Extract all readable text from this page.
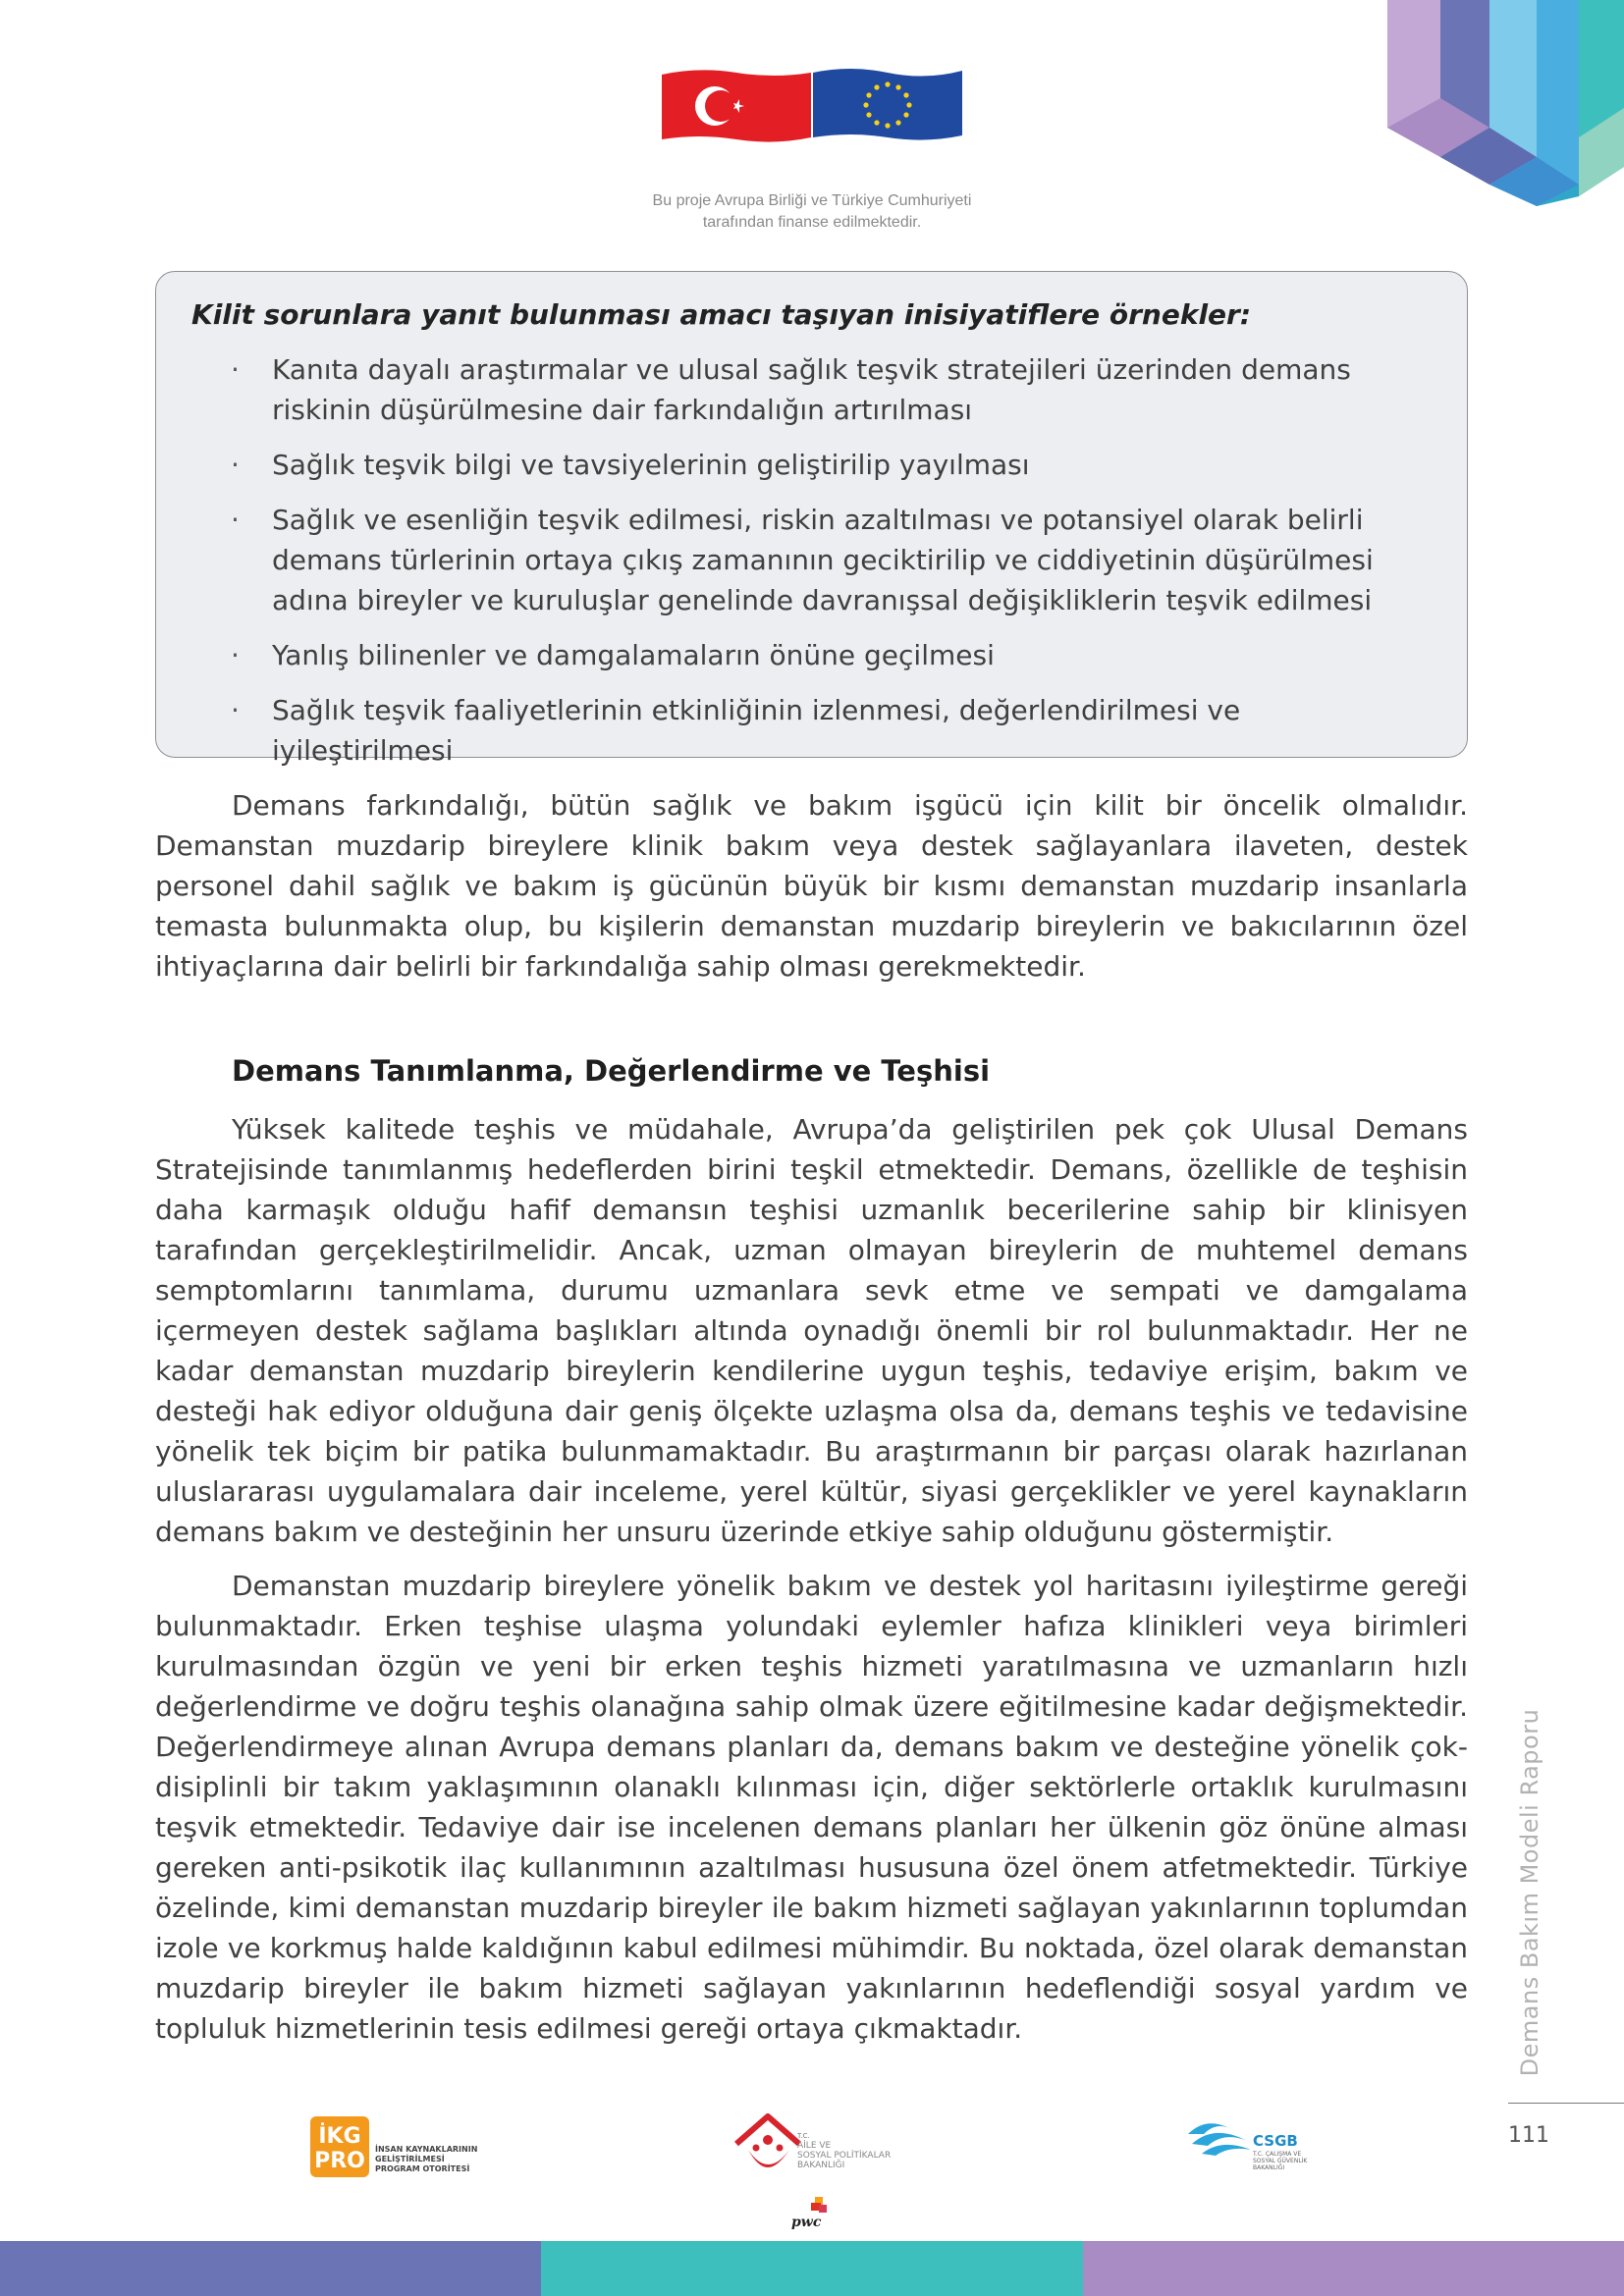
Bu proje Avrupa Birliği ve Türkiye Cumhuriyeti
tarafından finanse edilmektedir.
Kilit sorunlara yanıt bulunması amacı taşıyan inisiyatiflere örnekler:
· Kanıta dayalı araştırmalar ve ulusal sağlık teşvik stratejileri üzerinden demans riskinin düşürülmesine dair farkındalığın artırılması
· Sağlık teşvik bilgi ve tavsiyelerinin geliştirilip yayılması
· Sağlık ve esenliğin teşvik edilmesi, riskin azaltılması ve potansiyel olarak belirli demans türlerinin ortaya çıkış zamanının geciktirilip ve ciddiyetinin düşürülmesi adına bireyler ve kuruluşlar genelinde davranışsal değişikliklerin teşvik edilmesi
· Yanlış bilinenler ve damgalamaların önüne geçilmesi
· Sağlık teşvik faaliyetlerinin etkinliğinin izlenmesi, değerlendirilmesi ve iyileştirilmesi

Demans farkındalığı, bütün sağlık ve bakım işgücü için kilit bir öncelik olmalıdır. Demanstan muzdarip bireylere klinik bakım veya destek sağlayanlara ilaveten, destek personel dahil sağlık ve bakım iş gücünün büyük bir kısmı demanstan muzdarip insanlarla temasta bulunmakta olup, bu kişilerin demanstan muzdarip bireylerin ve bakıcılarının özel ihtiyaçlarına dair belirli bir farkındalığa sahip olması gerekmektedir.

Demans Tanımlanma, Değerlendirme ve Teşhisi

Yüksek kalitede teşhis ve müdahale, Avrupa’da geliştirilen pek çok Ulusal Demans Stratejisinde tanımlanmış hedeflerden birini teşkil etmektedir. Demans, özellikle de teşhisin daha karmaşık olduğu hafif demansın teşhisi uzmanlık becerilerine sahip bir klinisyen tarafından gerçekleştirilmelidir. Ancak, uzman olmayan bireylerin de muhtemel demans semptomlarını tanımlama, durumu uzmanlara sevk etme ve sempati ve damgalama içermeyen destek sağlama başlıkları altında oynadığı önemli bir rol bulunmaktadır. Her ne kadar demanstan muzdarip bireylerin kendilerine uygun teşhis, tedaviye erişim, bakım ve desteği hak ediyor olduğuna dair geniş ölçekte uzlaşma olsa da, demans teşhis ve tedavisine yönelik tek biçim bir patika bulunmamaktadır. Bu araştırmanın bir parçası olarak hazırlanan uluslararası uygulamalara dair inceleme, yerel kültür, siyasi gerçeklikler ve yerel kaynakların demans bakım ve desteğinin her unsuru üzerinde etkiye sahip olduğunu göstermiştir.

Demanstan muzdarip bireylere yönelik bakım ve destek yol haritasını iyileştirme gereği bulunmaktadır. Erken teşhise ulaşma yolundaki eylemler hafıza klinikleri veya birimleri kurulmasından özgün ve yeni bir erken teşhis hizmeti yaratılmasına ve uzmanların hızlı değerlendirme ve doğru teşhis olanağına sahip olmak üzere eğitilmesine kadar değişmektedir. Değerlendirmeye alınan Avrupa demans planları da, demans bakım ve desteğine yönelik çok-disiplinli bir takım yaklaşımının olanaklı kılınması için, diğer sektörlerle ortaklık kurulmasını teşvik etmektedir. Tedaviye dair ise incelenen demans planları her ülkenin göz önüne alması gereken anti-psikotik ilaç kullanımının azaltılması hususuna özel önem atfetmektedir. Türkiye özelinde, kimi demanstan muzdarip bireyler ile bakım hizmeti sağlayan yakınlarının toplumdan izole ve korkmuş halde kaldığının kabul edilmesi mühimdir. Bu noktada, özel olarak demanstan muzdarip bireyler ile bakım hizmeti sağlayan yakınlarının hedeflendiği sosyal yardım ve topluluk hizmetlerinin tesis edilmesi gereği ortaya çıkmaktadır.	Demans Bakım Modeli Raporu
111
İKG
PRO İNSAN KAYNAKLARININ
GELİŞTİRİLMESİ
PROGRAM OTORİTESİ
T.C.
AİLE VE
SOSYAL POLİTİKALAR
BAKANLIĞI
pwc
CSGB
T.C. ÇALIŞMA VE
SOSYAL GÜVENLİK
BAKANLIĞI
